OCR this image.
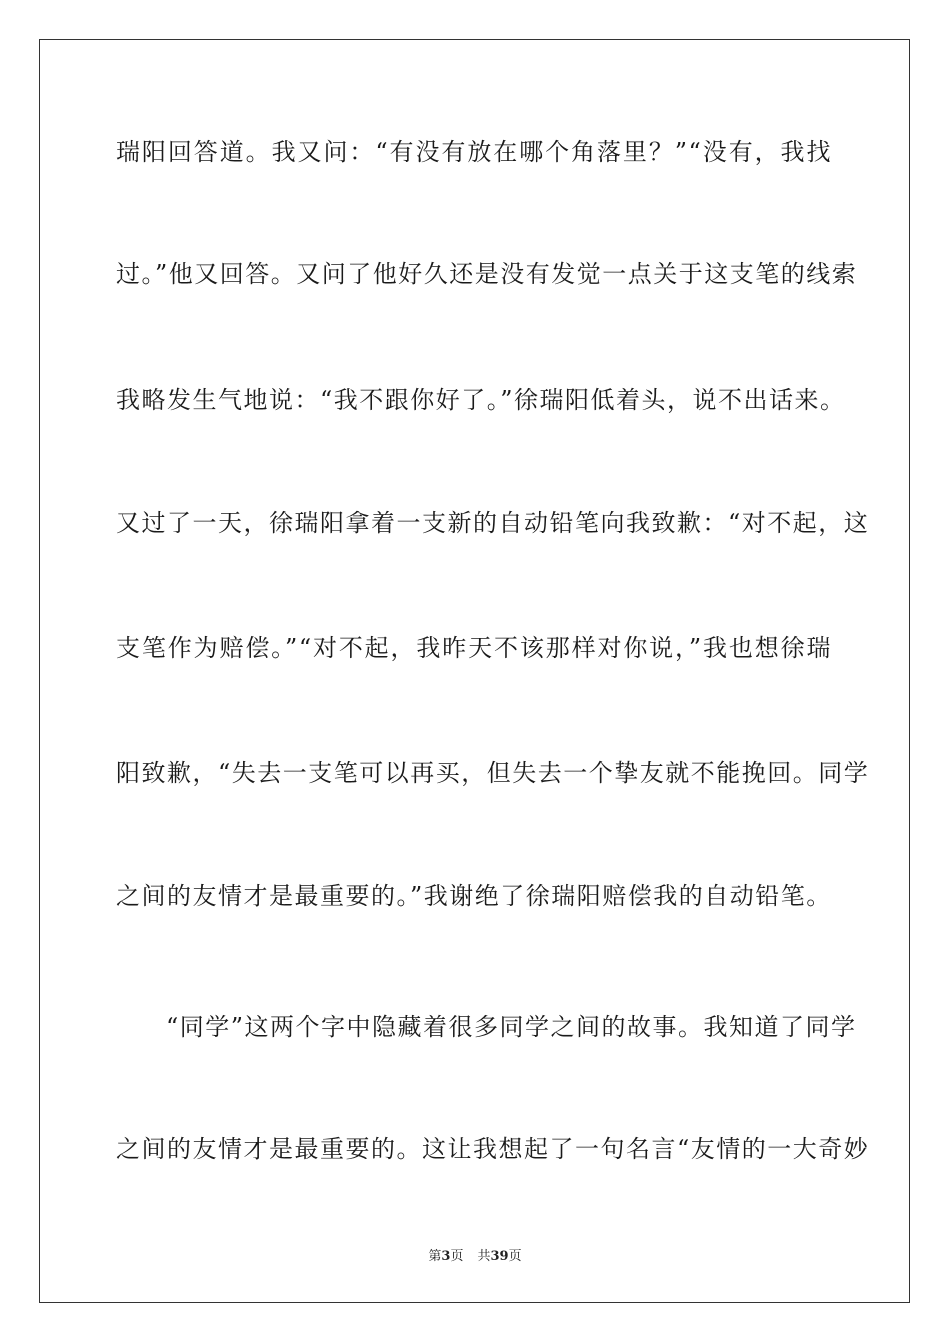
瑞阳回答道。我又问：“有没有放在哪个角落里？”“没有，我找
过。”他又回答。又问了他好久还是没有发觉一点关于这支笔的线索
我略发生气地说：“我不跟你好了。”徐瑞阳低着头，说不出话来。
又过了一天，徐瑞阳拿着一支新的自动铅笔向我致歉：“对不起，这
支笔作为赔偿。”“对不起，我昨天不该那样对你说，”我也想徐瑞
阳致歉，“失去一支笔可以再买，但失去一个挚友就不能挽回。同学
之间的友情才是最重要的。”我谢绝了徐瑞阳赔偿我的自动铅笔。
“同学”这两个字中隐藏着很多同学之间的故事。我知道了同学
之间的友情才是最重要的。这让我想起了一句名言“友情的一大奇妙
第3页 共39页
